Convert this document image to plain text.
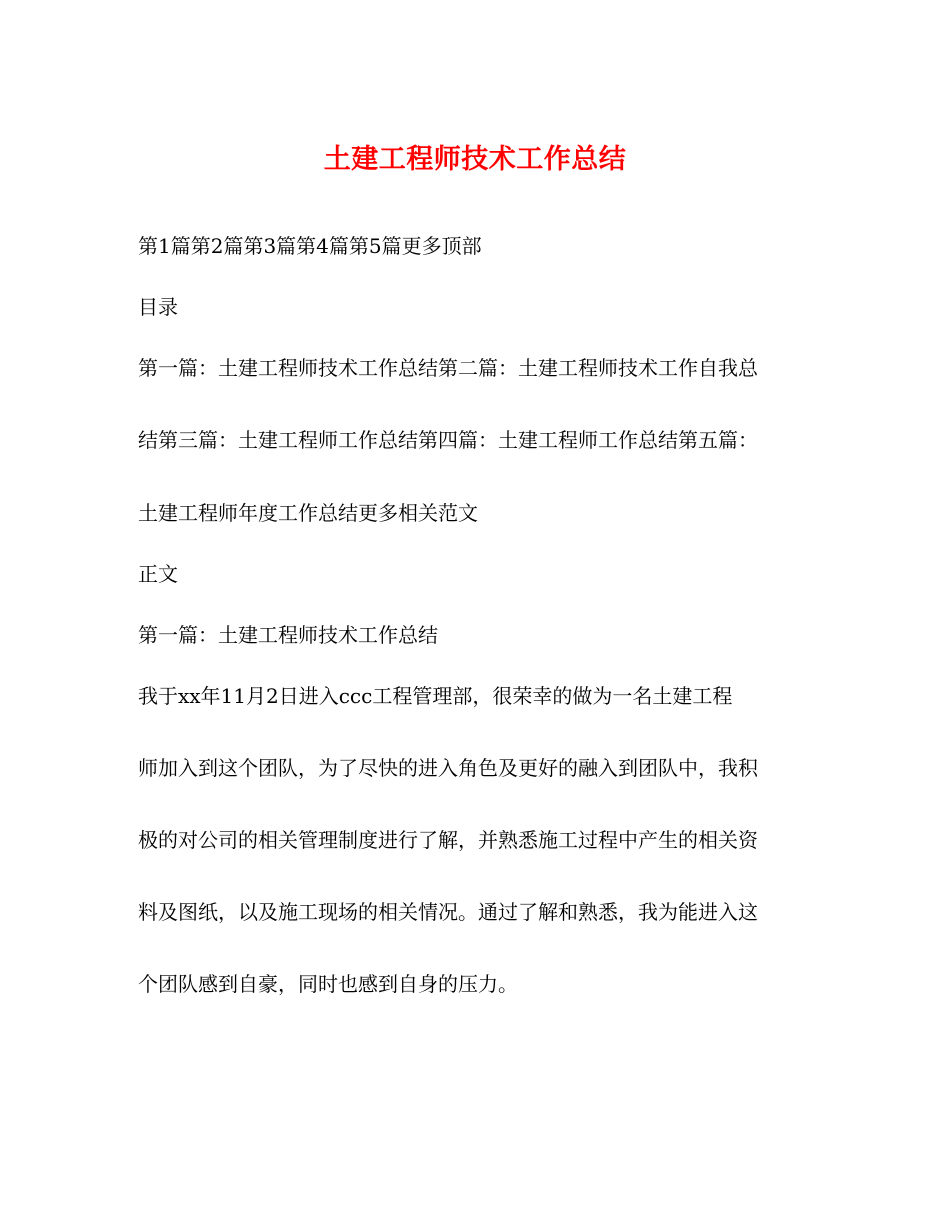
土建工程师技术工作总结
第1篇第2篇第3篇第4篇第5篇更多顶部
目录
第一篇：土建工程师技术工作总结第二篇：土建工程师技术工作自我总
结第三篇：土建工程师工作总结第四篇：土建工程师工作总结第五篇：
土建工程师年度工作总结更多相关范文
正文
第一篇：土建工程师技术工作总结
我于xx年11月2日进入ccc工程管理部，很荣幸的做为一名土建工程
师加入到这个团队，为了尽快的进入角色及更好的融入到团队中，我积
极的对公司的相关管理制度进行了解，并熟悉施工过程中产生的相关资
料及图纸，以及施工现场的相关情况。通过了解和熟悉，我为能进入这
个团队感到自豪，同时也感到自身的压力。
